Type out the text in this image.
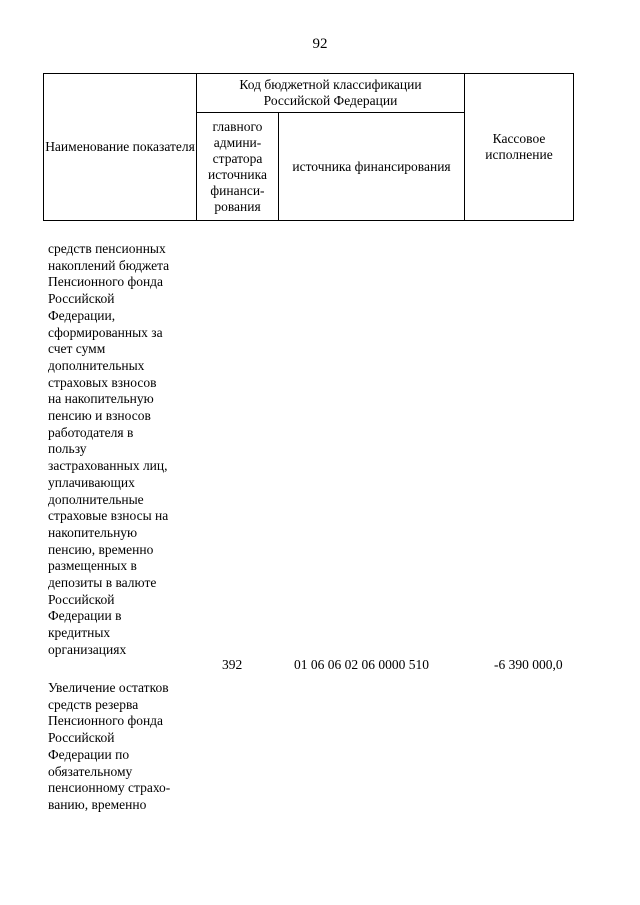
92
Наименование показателя
Код бюджетной классификации Российской Федерации
главного админи-стратора источника финанси-рования
источника финансирования
Кассовое исполнение
средств пенсионных
накоплений бюджета
Пенсионного фонда
Российской
Федерации,
сформированных за
счет сумм
дополнительных
страховых взносов
на накопительную
пенсию и взносов
работодателя в
пользу
застрахованных лиц,
уплачивающих
дополнительные
страховые взносы на
накопительную
пенсию, временно
размещенных в
депозиты в валюте
Российской
Федерации в
кредитных
организациях
392	01 06 06 02 06 0000 510	-6 390 000,0
Увеличение остатков
средств резерва
Пенсионного фонда
Российской
Федерации по
обязательному
пенсионному страхо-
ванию, временно
